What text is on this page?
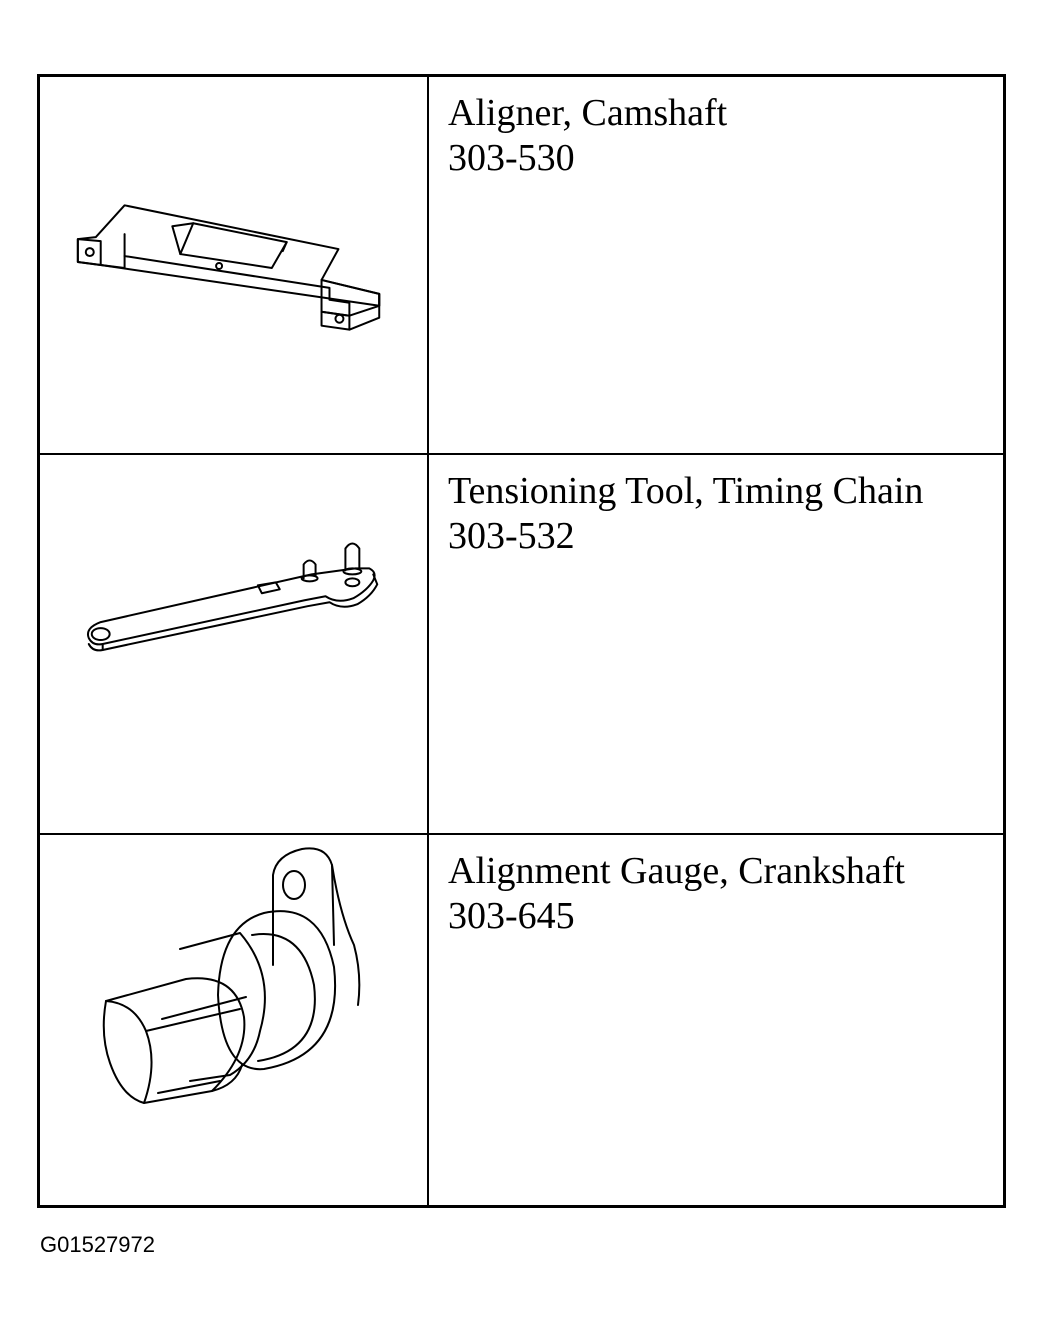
Aligner, Camshaft
303-530
Tensioning Tool, Timing Chain
303-532
Alignment Gauge, Crankshaft
303-645
G01527972
